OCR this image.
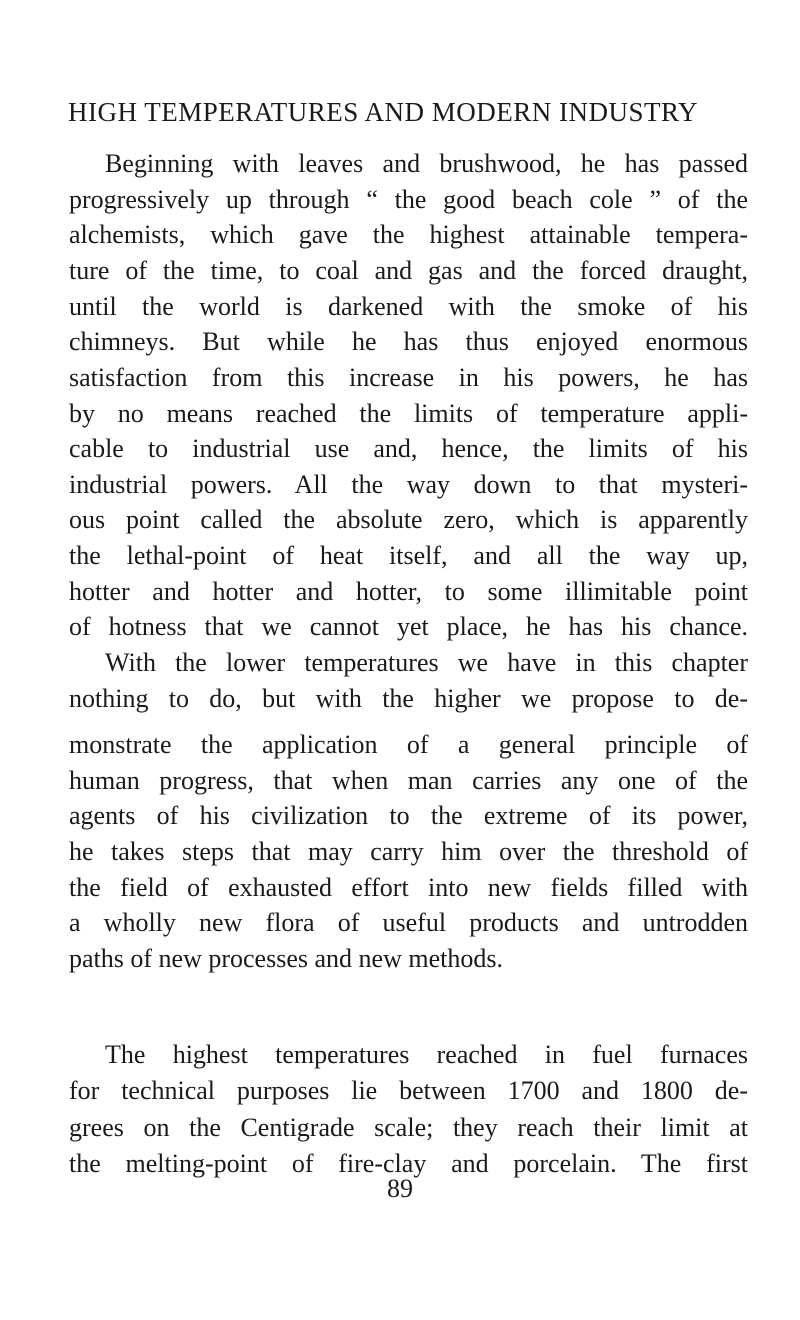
HIGH TEMPERATURES AND MODERN INDUSTRY
Beginning with leaves and brushwood, he has passed
progressively up through “ the good beach cole ” of the
alchemists, which gave the highest attainable tempera-
ture of the time, to coal and gas and the forced draught,
until the world is darkened with the smoke of his
chimneys. But while he has thus enjoyed enormous
satisfaction from this increase in his powers, he has
by no means reached the limits of temperature appli-
cable to industrial use and, hence, the limits of his
industrial powers. All the way down to that mysteri-
ous point called the absolute zero, which is apparently
the lethal-point of heat itself, and all the way up,
hotter and hotter and hotter, to some illimitable point
of hotness that we cannot yet place, he has his chance.
With the lower temperatures we have in this chapter
nothing to do, but with the higher we propose to de-
monstrate the application of a general principle of
human progress, that when man carries any one of the
agents of his civilization to the extreme of its power,
he takes steps that may carry him over the threshold of
the field of exhausted effort into new fields filled with
a wholly new flora of useful products and untrodden
paths of new processes and new methods.
The highest temperatures reached in fuel furnaces
for technical purposes lie between 1700 and 1800 de-
grees on the Centigrade scale; they reach their limit at
the melting-point of fire-clay and porcelain. The first
89
